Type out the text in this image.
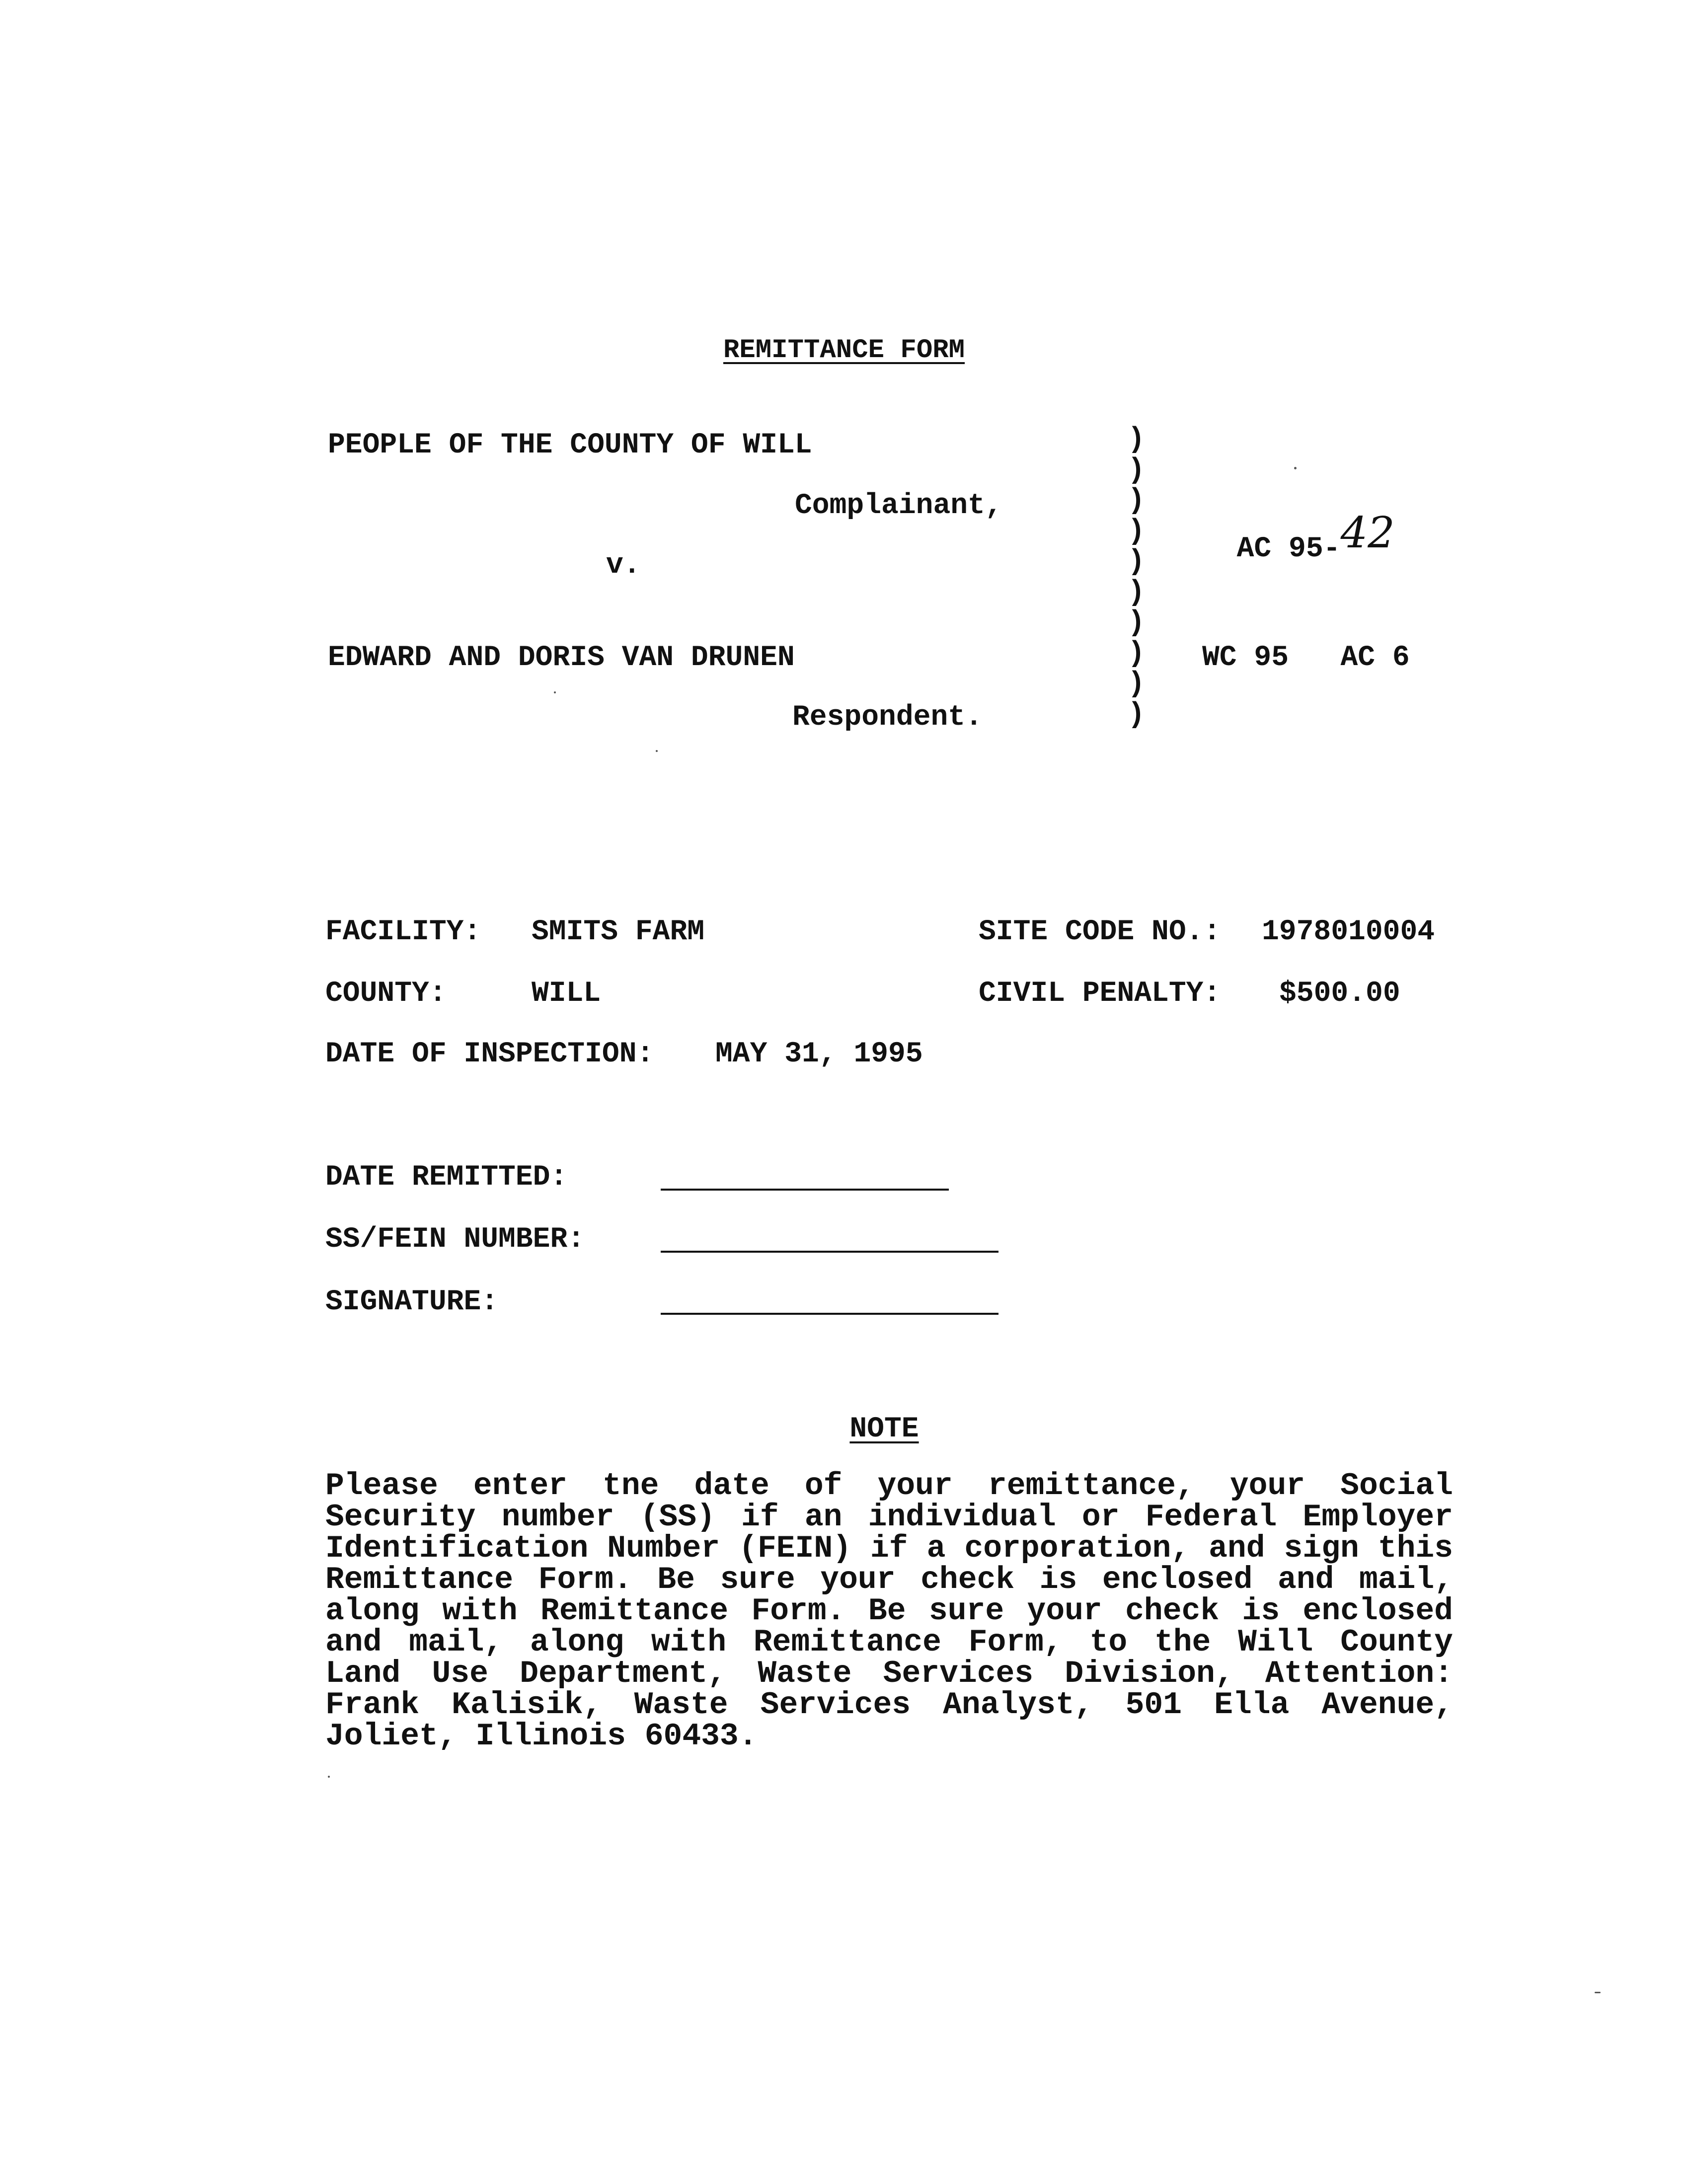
REMITTANCE FORM
PEOPLE OF THE COUNTY OF WILL
Complainant,
v.
EDWARD AND DORIS VAN DRUNEN
Respondent.
)
)
)
)
)
)
)
)
)
)

AC 95-42

WC 95   AC 6
FACILITY: SMITS FARM	SITE CODE NO.: 1978010004
COUNTY:	WILL	CIVIL PENALTY: $500.00
DATE OF INSPECTION: MAY 31, 1995
DATE REMITTED:
SS/FEIN NUMBER:
SIGNATURE:
NOTE
Please enter tne date of your remittance, your Social Security number (SS) if an individual or Federal Employer Identification Number (FEIN) if a corporation, and sign this Remittance Form. Be sure your check is enclosed and mail, along with Remittance Form. Be sure your check is enclosed and mail, along with Remittance Form, to the Will County Land Use Department, Waste Services Division, Attention: Frank Kalisik, Waste Services Analyst, 501 Ella Avenue, Joliet, Illinois 60433.
